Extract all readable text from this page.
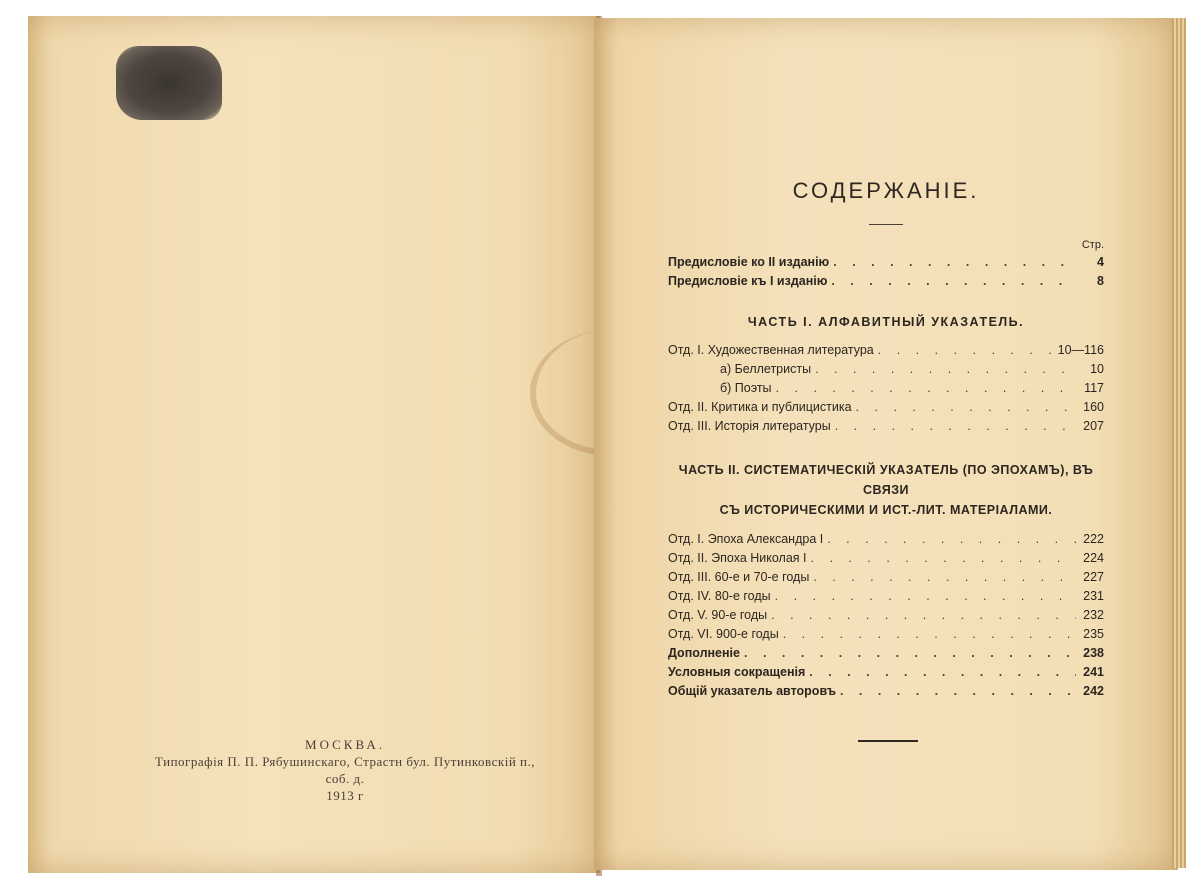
МОСКВА.
Типографія П. П. Рябушинскаго, Страстн бул. Путинковскій п., соб. д.
1913 г
СОДЕРЖАНІЕ.
Стр.
Предисловіе ко II изданію . . .	4
Предисловіе къ I изданію . . .	8
ЧАСТЬ I. АЛФАВИТНЫЙ УКАЗАТЕЛЬ.
Отд. I. Художественная литература . . .	10—116
а) Беллетристы . . .	10
б) Поэты . . .	117
Отд. II. Критика и публицистика . . .	160
Отд. III. Исторія литературы . . .	207
ЧАСТЬ II. СИСТЕМАТИЧЕСКІЙ УКАЗАТЕЛЬ (ПО ЭПОХАМЪ), ВЪ СВЯЗИ
СЪ ИСТОРИЧЕСКИМИ И ИСТ.-ЛИТ. МАТЕРІАЛАМИ.
Отд. I. Эпоха Александра I . . .	222
Отд. II. Эпоха Николая I . . .	224
Отд. III. 60-е и 70-е годы . . .	227
Отд. IV. 80-е годы . . .	231
Отд. V. 90-е годы . . .	232
Отд. VI. 900-е годы . . .	235
Дополненіе . . .	238
Условныя сокращенія . . .	241
Общій указатель авторовъ . . .	242
